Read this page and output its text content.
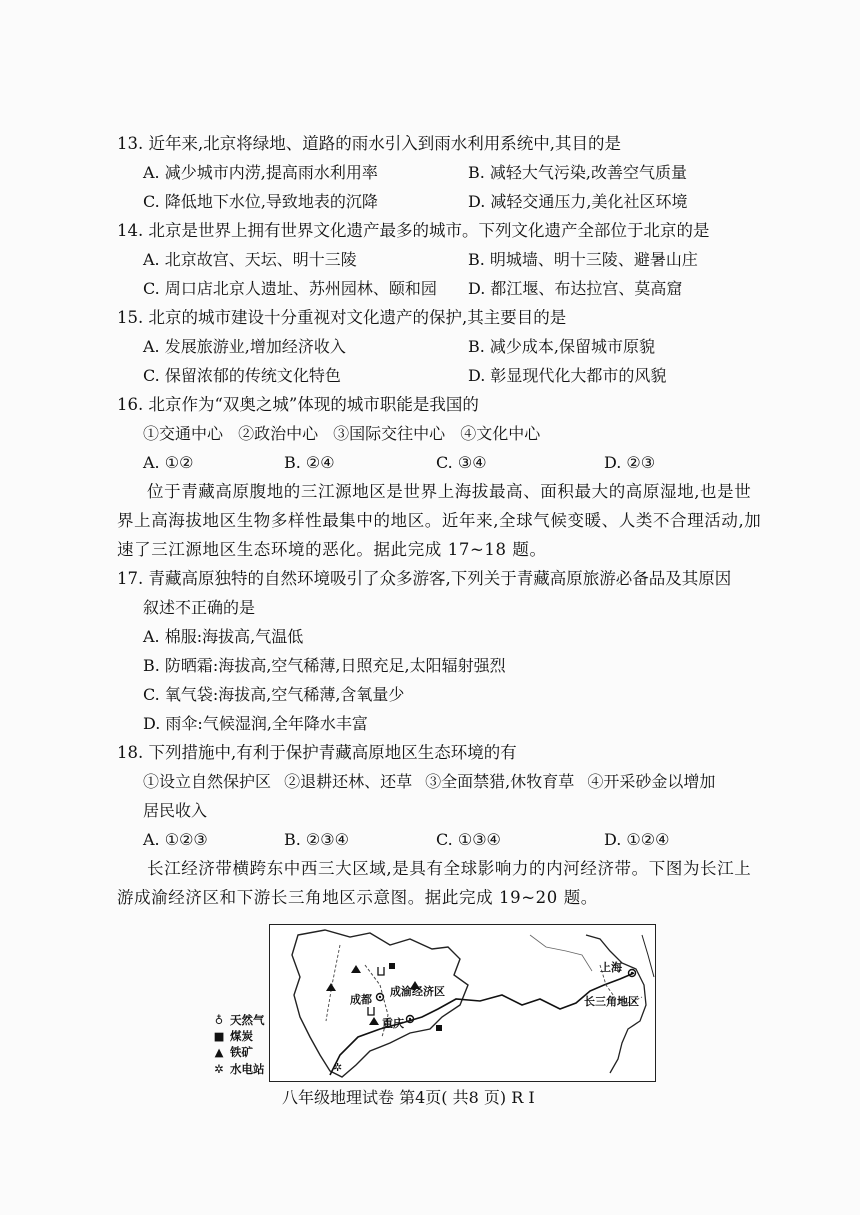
13. 近年来,北京将绿地、道路的雨水引入到雨水利用系统中,其目的是
A. 减少城市内涝,提高雨水利用率	B. 减轻大气污染,改善空气质量
C. 降低地下水位,导致地表的沉降	D. 减轻交通压力,美化社区环境
14. 北京是世界上拥有世界文化遗产最多的城市。下列文化遗产全部位于北京的是
A. 北京故宫、天坛、明十三陵	B. 明城墙、明十三陵、避暑山庄
C. 周口店北京人遗址、苏州园林、颐和园 D. 都江堰、布达拉宫、莫高窟
15. 北京的城市建设十分重视对文化遗产的保护,其主要目的是
A. 发展旅游业,增加经济收入	B. 减少成本,保留城市原貌
C. 保留浓郁的传统文化特色	D. 彰显现代化大都市的风貌
16. 北京作为“双奥之城”体现的城市职能是我国的
①交通中心 ②政治中心 ③国际交往中心 ④文化中心
A. ①②	B. ②④	C. ③④	D. ②③
位于青藏高原腹地的三江源地区是世界上海拔最高、面积最大的高原湿地,也是世
界上高海拔地区生物多样性最集中的地区。近年来,全球气候变暖、人类不合理活动,加
速了三江源地区生态环境的恶化。据此完成 17~18 题。
17. 青藏高原独特的自然环境吸引了众多游客,下列关于青藏高原旅游必备品及其原因
叙述不正确的是
A. 棉服:海拔高,气温低
B. 防晒霜:海拔高,空气稀薄,日照充足,太阳辐射强烈
C. 氧气袋:海拔高,空气稀薄,含氧量少
D. 雨伞:气候湿润,全年降水丰富
18. 下列措施中,有利于保护青藏高原地区生态环境的有
①设立自然保护区 ②退耕还林、还草 ③全面禁猎,休牧育草 ④开采砂金以增加
居民收入
A. ①②③	B. ②③④	C. ①③④	D. ①②④
长江经济带横跨东中西三大区域,是具有全球影响力的内河经济带。下图为长江上
游成渝经济区和下游长三角地区示意图。据此完成 19~20 题。
♁ 天然气
■ 煤炭
▲ 铁矿
✲ 水电站	✲
成都
成渝经济区
重庆
上海
长三角地区
八年级地理试卷 第4页( 共8 页) R I
